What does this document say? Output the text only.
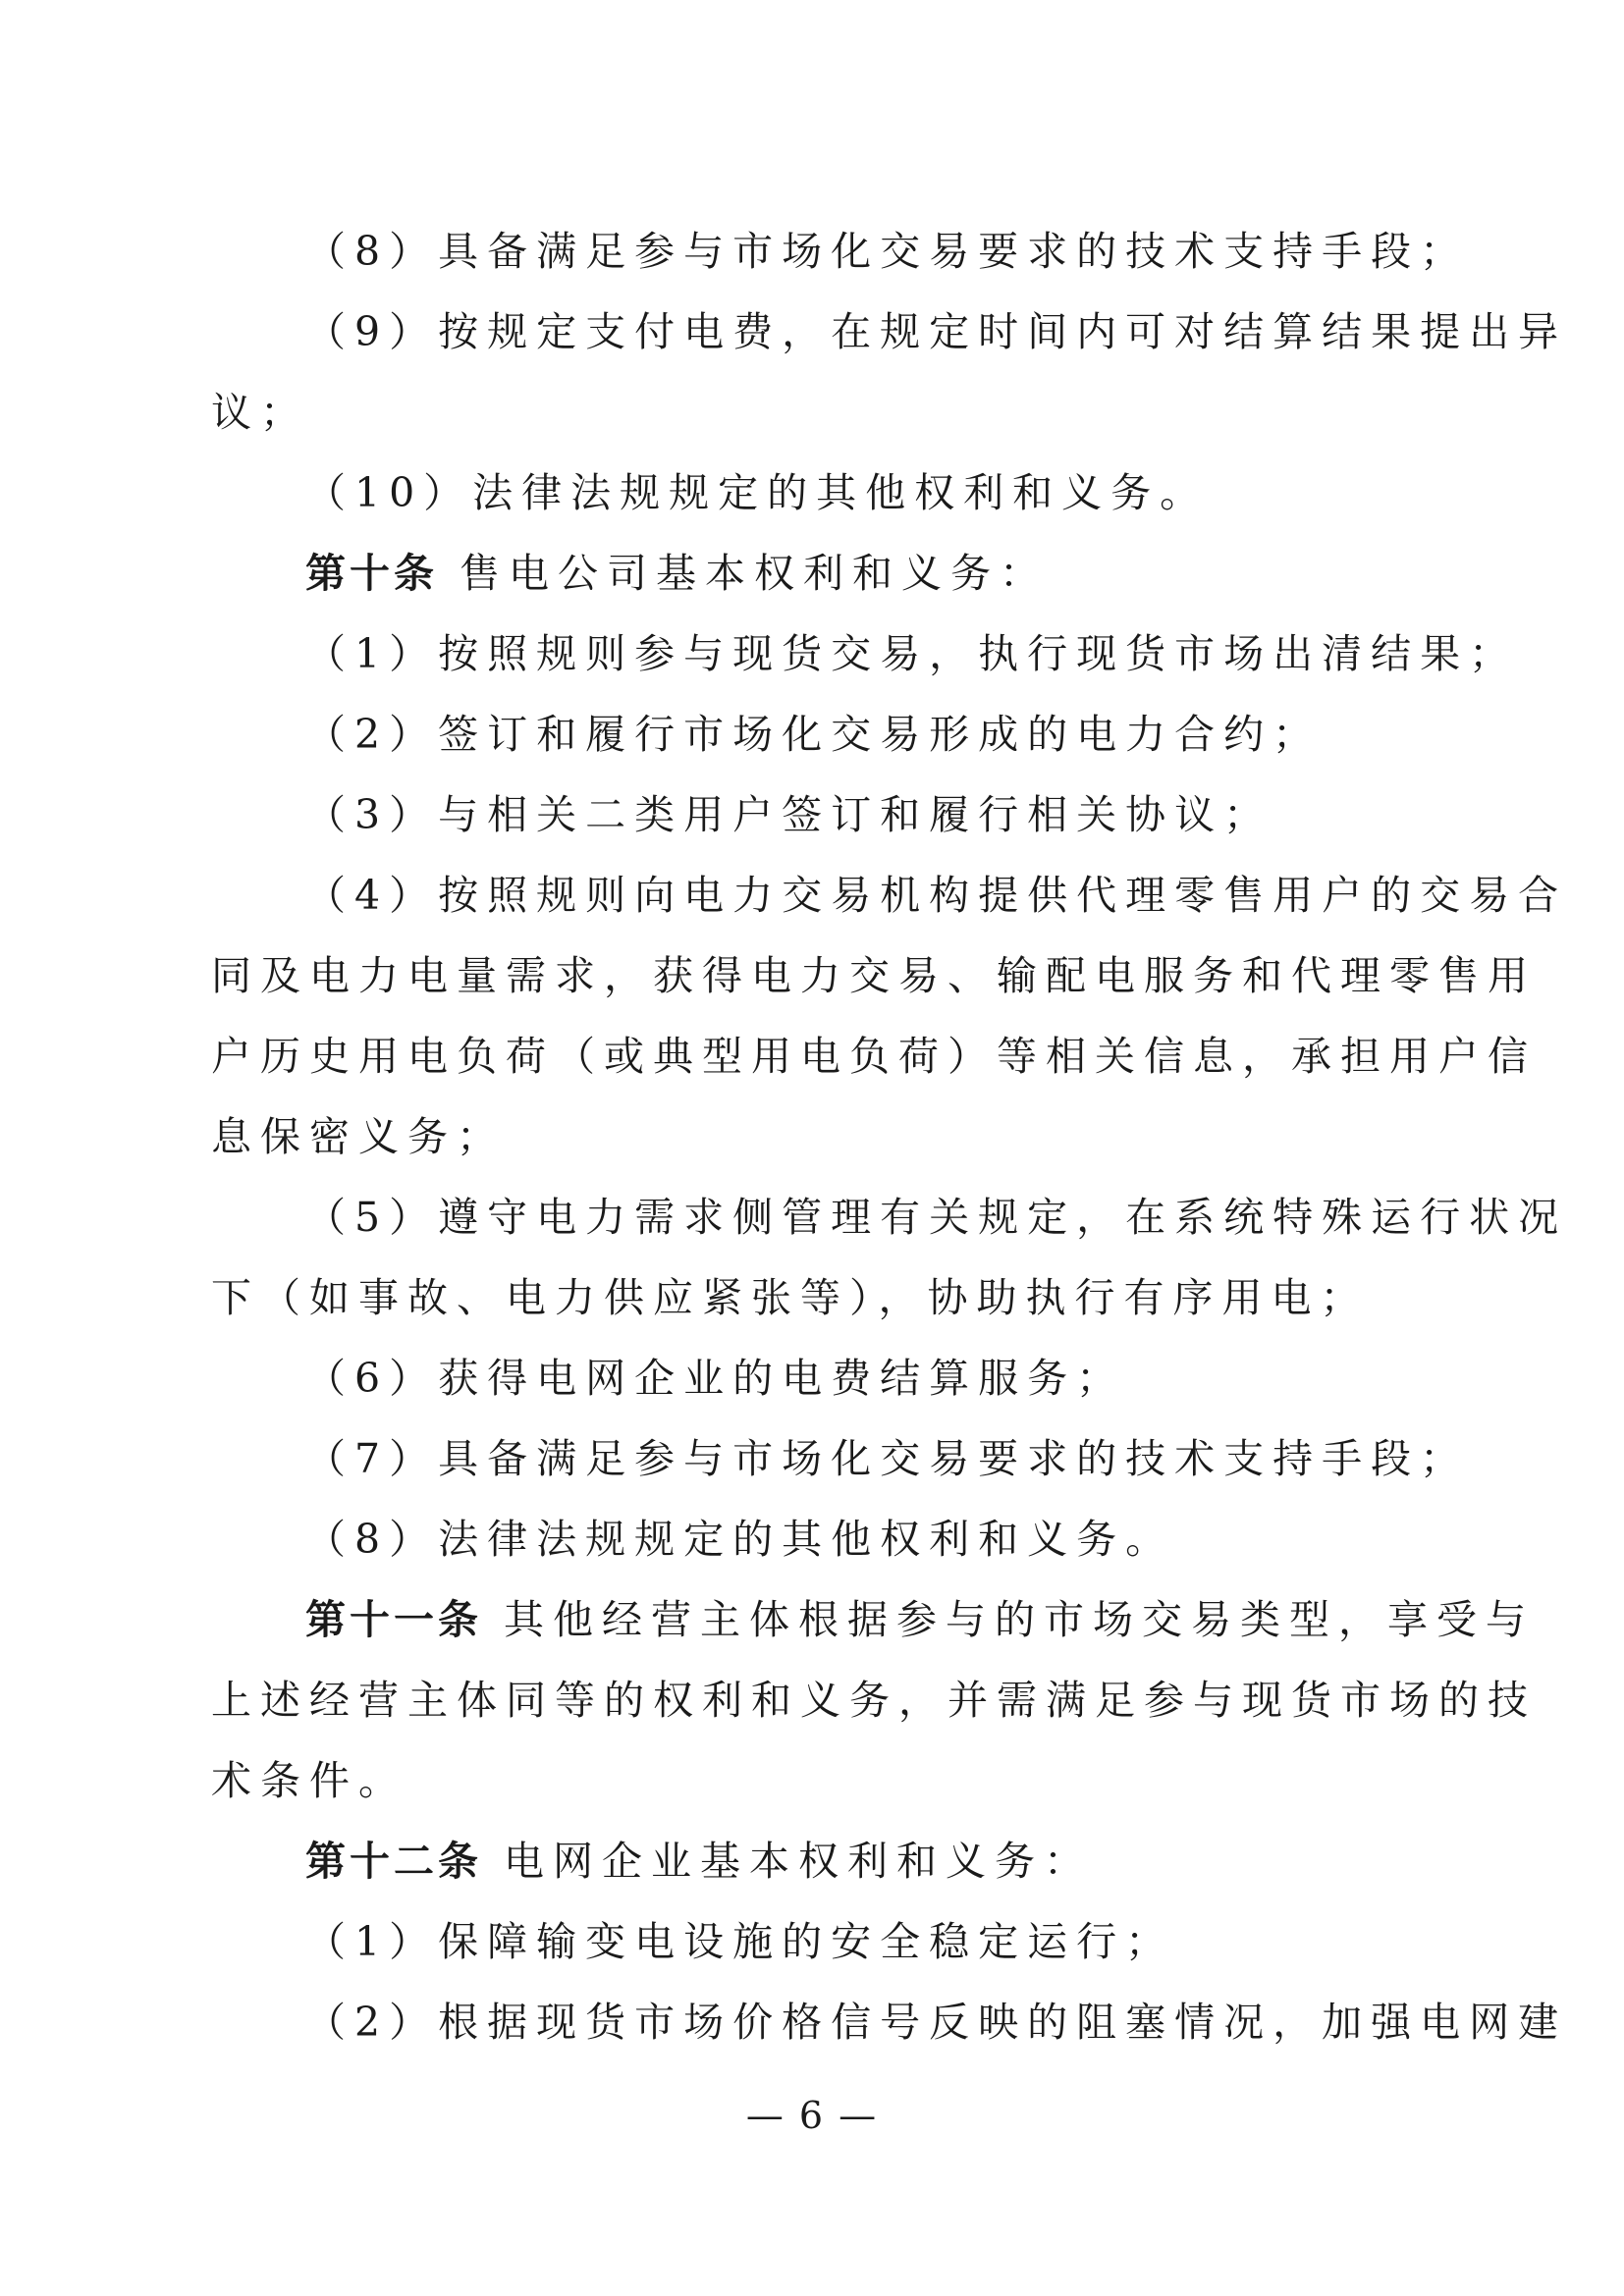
（8）具备满足参与市场化交易要求的技术支持手段；

（9）按规定支付电费，在规定时间内可对结算结果提出异

议；

（10）法律法规规定的其他权利和义务。

第十条 售电公司基本权利和义务：

（1）按照规则参与现货交易，执行现货市场出清结果；

（2）签订和履行市场化交易形成的电力合约；

（3）与相关二类用户签订和履行相关协议；

（4）按照规则向电力交易机构提供代理零售用户的交易合

同及电力电量需求，获得电力交易、输配电服务和代理零售用

户历史用电负荷（或典型用电负荷）等相关信息，承担用户信

息保密义务；

（5）遵守电力需求侧管理有关规定，在系统特殊运行状况

下（如事故、电力供应紧张等），协助执行有序用电；

（6）获得电网企业的电费结算服务；

（7）具备满足参与市场化交易要求的技术支持手段；

（8）法律法规规定的其他权利和义务。

第十一条 其他经营主体根据参与的市场交易类型，享受与

上述经营主体同等的权利和义务，并需满足参与现货市场的技

术条件。

第十二条 电网企业基本权利和义务：

（1）保障输变电设施的安全稳定运行；

（2）根据现货市场价格信号反映的阻塞情况，加强电网建

— 6 —
